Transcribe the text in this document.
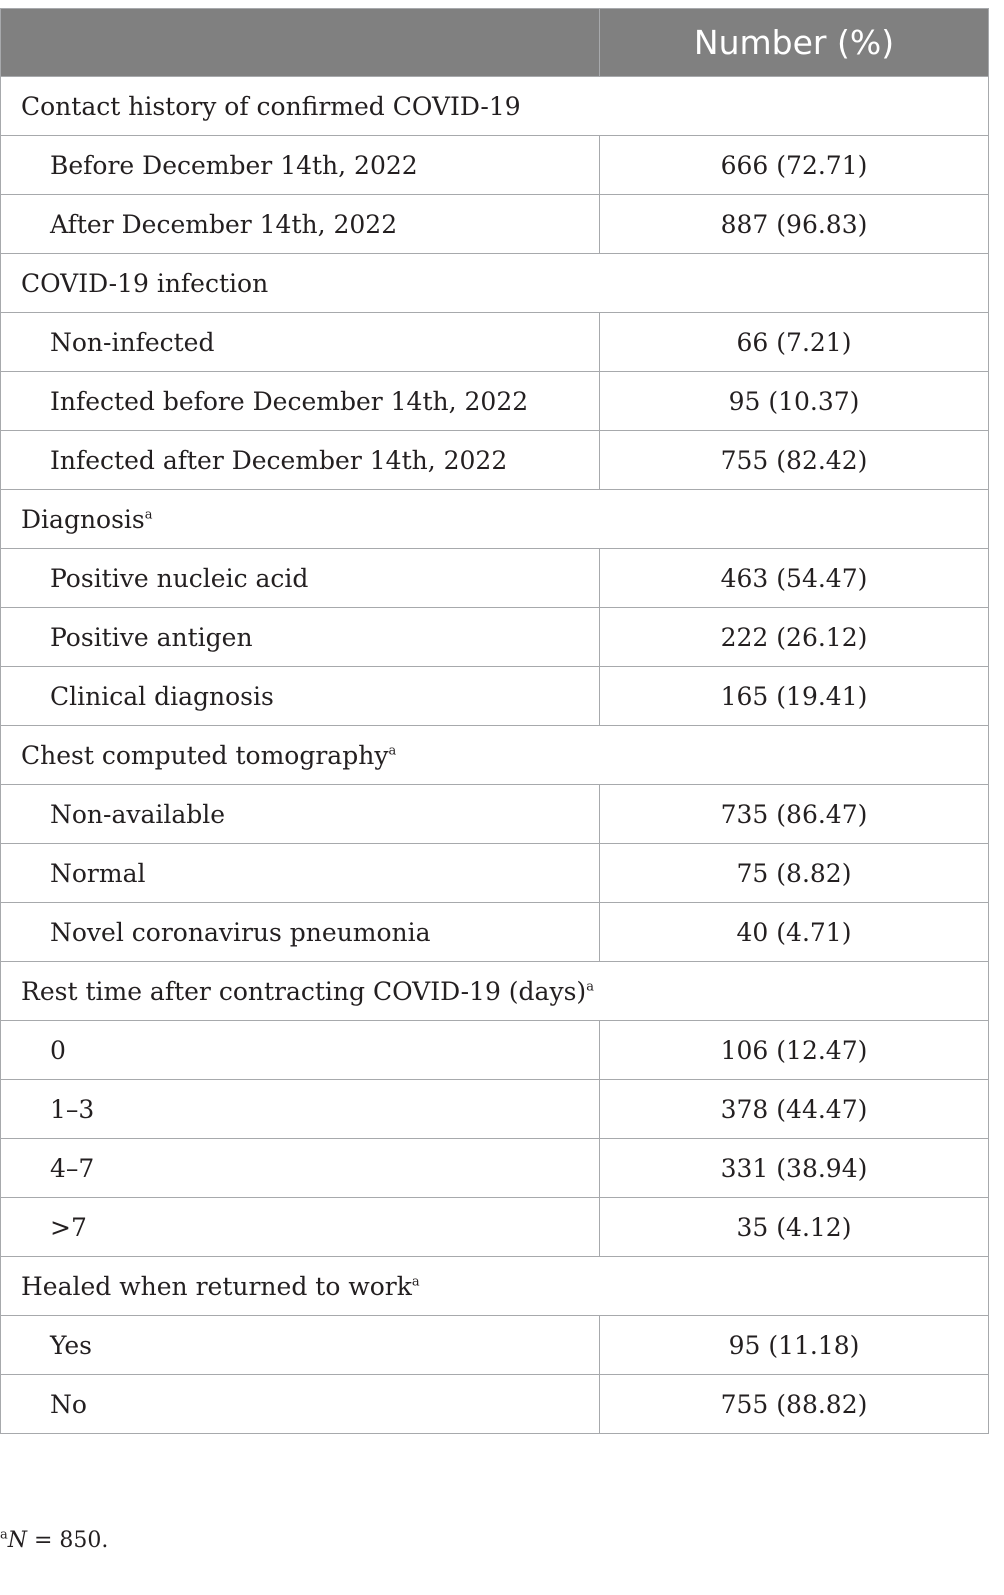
	Number (%)
Contact history of confirmed COVID-19	
Before December 14th, 2022	666 (72.71)
After December 14th, 2022	887 (96.83)
COVID-19 infection	
Non-infected	66 (7.21)
Infected before December 14th, 2022	95 (10.37)
Infected after December 14th, 2022	755 (82.42)
Diagnosis$^a$
Positive nucleic acid	463 (54.47)
Positive antigen	222 (26.12)
Clinical diagnosis	165 (19.41)
Chest computed tomography$^a$
Non-available	735 (86.47)
Normal	75 (8.82)
Novel coronavirus pneumonia	40 (4.71)
Rest time after contracting COVID-19 (days)$^a$
0	106 (12.47)
1–3	378 (44.47)
4–7	331 (38.94)
>7	35 (4.12)
Healed when returned to work$^a$
Yes	95 (11.18)
No	755 (88.82)
$^a$N = 850.
